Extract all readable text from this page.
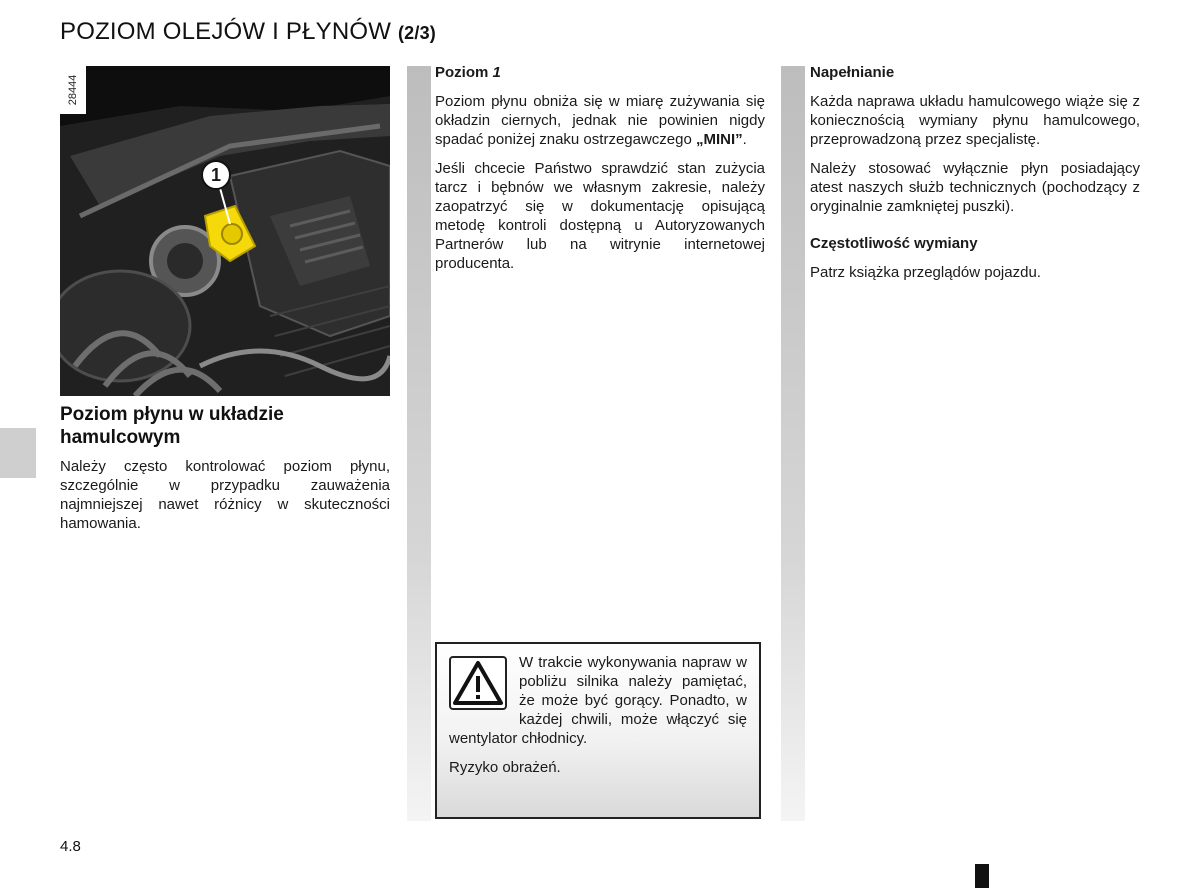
POZIOM OLEJÓW I PŁYNÓW (2/3)
28444
1
Poziom płynu w układzie hamulcowym

Należy często kontrolować poziom płynu, szczególnie w przypadku zauważenia najmniejszej nawet różnicy w skuteczności hamowania.

Poziom 1

Poziom płynu obniża się w miarę zużywania się okładzin ciernych, jednak nie powinien nigdy spadać poniżej znaku ostrzegawczego „MINI”.

Jeśli chcecie Państwo sprawdzić stan zużycia tarcz i bębnów we własnym zakresie, należy zaopatrzyć się w dokumentację opisującą metodę kontroli dostępną u Autoryzowanych Partnerów lub na witrynie internetowej producenta.

W trakcie wykonywania napraw w pobliżu silnika należy pamiętać, że może być gorący. Ponadto, w każdej chwili, może włączyć się wentylator chłodnicy.

Ryzyko obrażeń.

Napełnianie

Każda naprawa układu hamulcowego wiąże się z koniecznością wymiany płynu hamulcowego, przeprowadzoną przez specjalistę.

Należy stosować wyłącznie płyn posiadający atest naszych służb technicznych (pochodzący z oryginalnie zamkniętej puszki).

Częstotliwość wymiany

Patrz książka przeglądów pojazdu.

4.8
